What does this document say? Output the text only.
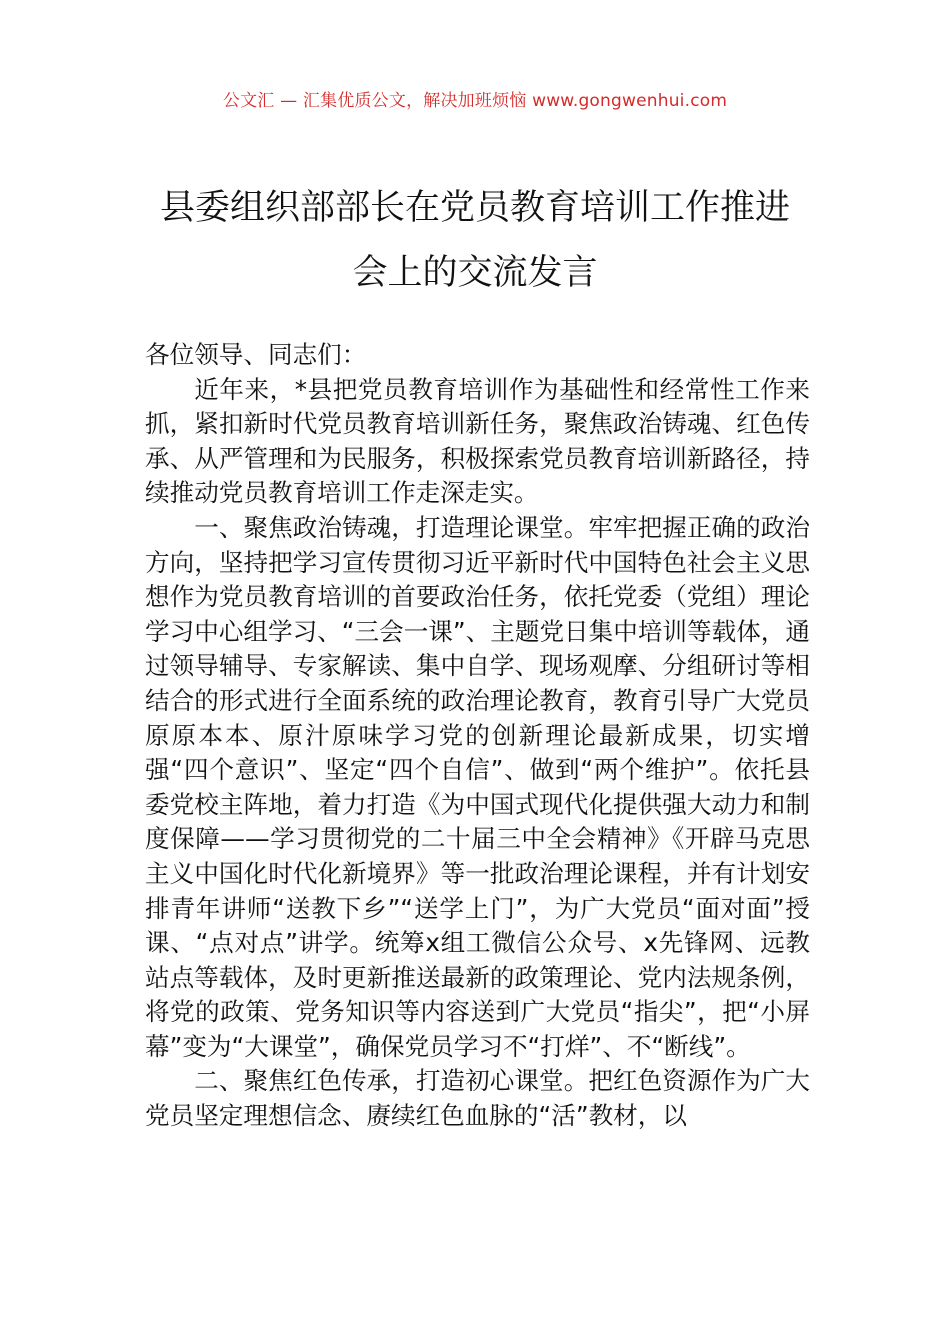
公文汇 — 汇集优质公文，解决加班烦恼 www.gongwenhui.com
县委组织部部长在党员教育培训工作推进
会上的交流发言

各位领导、同志们：

近年来，*县把党员教育培训作为基础性和经常性工作来抓，紧扣新时代党员教育培训新任务，聚焦政治铸魂、红色传承、从严管理和为民服务，积极探索党员教育培训新路径，持续推动党员教育培训工作走深走实。

一、聚焦政治铸魂，打造理论课堂。牢牢把握正确的政治方向，坚持把学习宣传贯彻习近平新时代中国特色社会主义思想作为党员教育培训的首要政治任务，依托党委（党组）理论学习中心组学习、“三会一课”、主题党日集中培训等载体，通过领导辅导、专家解读、集中自学、现场观摩、分组研讨等相结合的形式进行全面系统的政治理论教育，教育引导广大党员原原本本、原汁原味学习党的创新理论最新成果，切实增强“四个意识”、坚定“四个自信”、做到“两个维护”。依托县委党校主阵地，着力打造《为中国式现代化提供强大动力和制度保障——学习贯彻党的二十届三中全会精神》《开辟马克思主义中国化时代化新境界》等一批政治理论课程，并有计划安排青年讲师“送教下乡”“送学上门”，为广大党员“面对面”授课、“点对点”讲学。统筹x组工微信公众号、x先锋网、远教站点等载体，及时更新推送最新的政策理论、党内法规条例，将党的政策、党务知识等内容送到广大党员“指尖”，把“小屏幕”变为“大课堂”，确保党员学习不“打烊”、不“断线”。

二、聚焦红色传承，打造初心课堂。把红色资源作为广大党员坚定理想信念、赓续红色血脉的“活”教材，以
